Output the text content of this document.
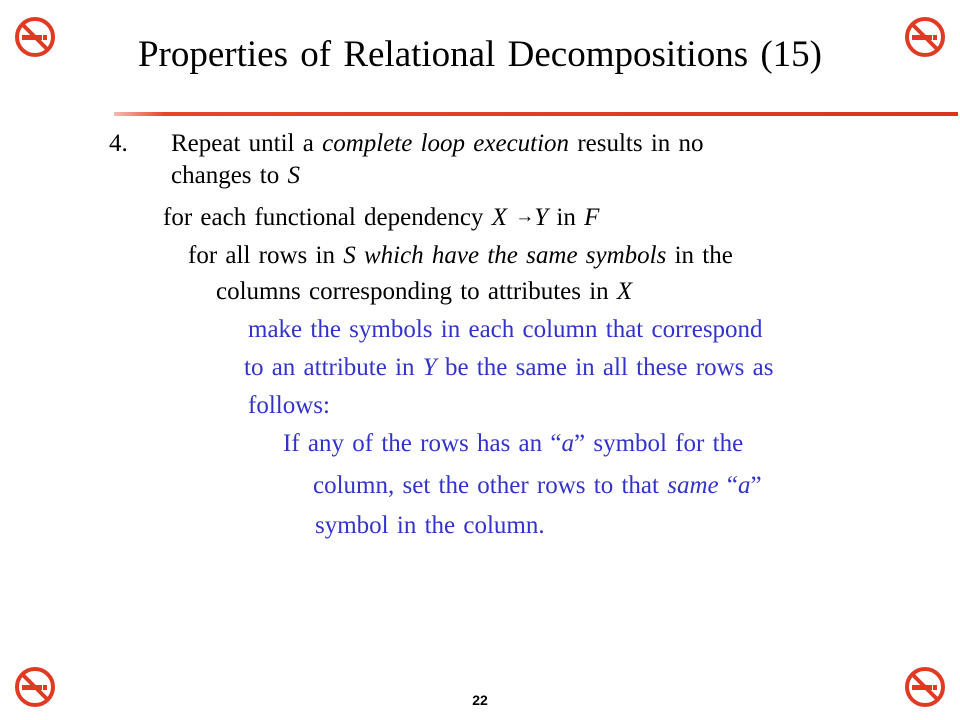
Properties of Relational Decompositions (15)
4. Repeat until a complete loop execution results in no
changes to S
for each functional dependency X →Y in F
for all rows in S which have the same symbols in the
columns corresponding to attributes in X
make the symbols in each column that correspond
to an attribute in Y be the same in all these rows as
follows:
If any of the rows has an “a” symbol for the
column, set the other rows to that same “a”
symbol in the column.
22
